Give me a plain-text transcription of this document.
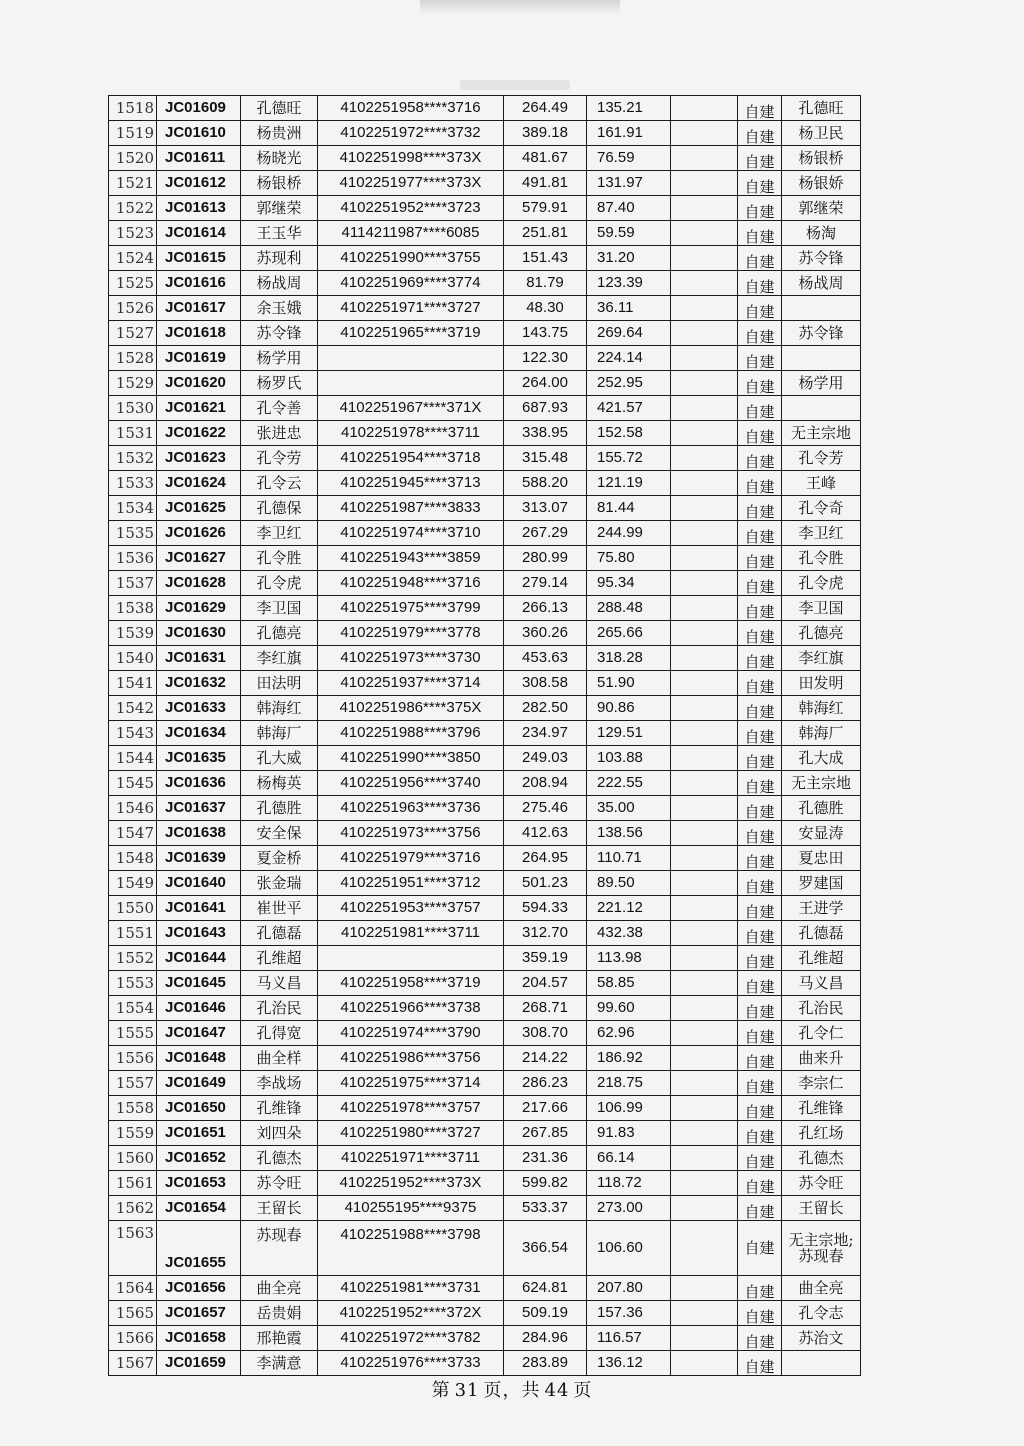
1518	JC01609	孔德旺	4102251958****3716	264.49	135.21		自建	孔德旺
1519	JC01610	杨贵洲	4102251972****3732	389.18	161.91		自建	杨卫民
1520	JC01611	杨晓光	4102251998****373X	481.67	76.59		自建	杨银桥
1521	JC01612	杨银桥	4102251977****373X	491.81	131.97		自建	杨银娇
1522	JC01613	郭继荣	4102251952****3723	579.91	87.40		自建	郭继荣
1523	JC01614	王玉华	4114211987****6085	251.81	59.59		自建	杨淘
1524	JC01615	苏现利	4102251990****3755	151.43	31.20		自建	苏令锋
1525	JC01616	杨战周	4102251969****3774	81.79	123.39		自建	杨战周
1526	JC01617	余玉娥	4102251971****3727	48.30	36.11		自建	
1527	JC01618	苏令锋	4102251965****3719	143.75	269.64		自建	苏令锋
1528	JC01619	杨学用		122.30	224.14		自建	
1529	JC01620	杨罗氏		264.00	252.95		自建	杨学用
1530	JC01621	孔令善	4102251967****371X	687.93	421.57		自建	
1531	JC01622	张进忠	4102251978****3711	338.95	152.58		自建	无主宗地
1532	JC01623	孔令劳	4102251954****3718	315.48	155.72		自建	孔令芳
1533	JC01624	孔令云	4102251945****3713	588.20	121.19		自建	王峰
1534	JC01625	孔德保	4102251987****3833	313.07	81.44		自建	孔令奇
1535	JC01626	李卫红	4102251974****3710	267.29	244.99		自建	李卫红
1536	JC01627	孔令胜	4102251943****3859	280.99	75.80		自建	孔令胜
1537	JC01628	孔令虎	4102251948****3716	279.14	95.34		自建	孔令虎
1538	JC01629	李卫国	4102251975****3799	266.13	288.48		自建	李卫国
1539	JC01630	孔德亮	4102251979****3778	360.26	265.66		自建	孔德亮
1540	JC01631	李红旗	4102251973****3730	453.63	318.28		自建	李红旗
1541	JC01632	田法明	4102251937****3714	308.58	51.90		自建	田发明
1542	JC01633	韩海红	4102251986****375X	282.50	90.86		自建	韩海红
1543	JC01634	韩海厂	4102251988****3796	234.97	129.51		自建	韩海厂
1544	JC01635	孔大威	4102251990****3850	249.03	103.88		自建	孔大成
1545	JC01636	杨梅英	4102251956****3740	208.94	222.55		自建	无主宗地
1546	JC01637	孔德胜	4102251963****3736	275.46	35.00		自建	孔德胜
1547	JC01638	安全保	4102251973****3756	412.63	138.56		自建	安显涛
1548	JC01639	夏金桥	4102251979****3716	264.95	110.71		自建	夏忠田
1549	JC01640	张金瑞	4102251951****3712	501.23	89.50		自建	罗建国
1550	JC01641	崔世平	4102251953****3757	594.33	221.12		自建	王进学
1551	JC01643	孔德磊	4102251981****3711	312.70	432.38		自建	孔德磊
1552	JC01644	孔维超		359.19	113.98		自建	孔维超
1553	JC01645	马义昌	4102251958****3719	204.57	58.85		自建	马义昌
1554	JC01646	孔治民	4102251966****3738	268.71	99.60		自建	孔治民
1555	JC01647	孔得宽	4102251974****3790	308.70	62.96		自建	孔令仁
1556	JC01648	曲全样	4102251986****3756	214.22	186.92		自建	曲来升
1557	JC01649	李战场	4102251975****3714	286.23	218.75		自建	李宗仁
1558	JC01650	孔维锋	4102251978****3757	217.66	106.99		自建	孔维锋
1559	JC01651	刘四朵	4102251980****3727	267.85	91.83		自建	孔红场
1560	JC01652	孔德杰	4102251971****3711	231.36	66.14		自建	孔德杰
1561	JC01653	苏令旺	4102251952****373X	599.82	118.72		自建	苏令旺
1562	JC01654	王留长	410255195****9375	533.37	273.00		自建	王留长
1563	JC01655	苏现春	4102251988****3798	366.54	106.60		自建	无主宗地;苏现春
1564	JC01656	曲全亮	4102251981****3731	624.81	207.80		自建	曲全亮
1565	JC01657	岳贵娟	4102251952****372X	509.19	157.36		自建	孔令志
1566	JC01658	邢艳霞	4102251972****3782	284.96	116.57		自建	苏治文
1567	JC01659	李满意	4102251976****3733	283.89	136.12		自建	
第 31 页，共 44 页
